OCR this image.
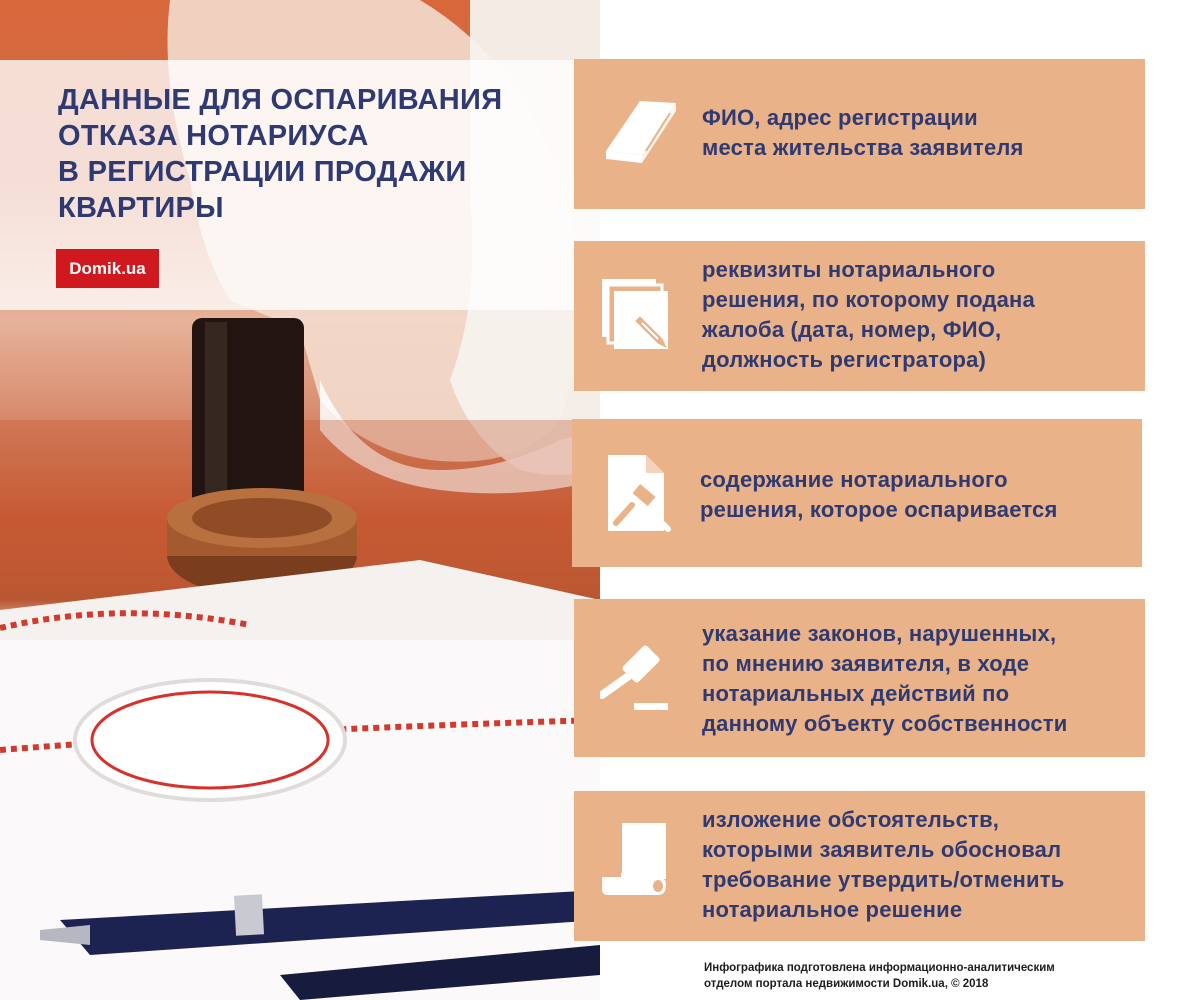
ДАННЫЕ ДЛЯ ОСПАРИВАНИЯ
ОТКАЗА НОТАРИУСА
В РЕГИСТРАЦИИ ПРОДАЖИ
КВАРТИРЫ
Domik.ua
ФИО, адрес регистрации
места жительства заявителя
реквизиты нотариального
решения, по которому подана
жалоба (дата, номер, ФИО,
должность регистратора)
содержание нотариального
решения, которое оспаривается
указание законов, нарушенных,
по мнению заявителя, в ходе
нотариальных действий по
данному объекту собственности
изложение обстоятельств,
которыми заявитель обосновал
требование утвердить/отменить
нотариальное решение
Инфографика подготовлена информационно-аналитическим
отделом портала недвижимости Domik.ua, © 2018
